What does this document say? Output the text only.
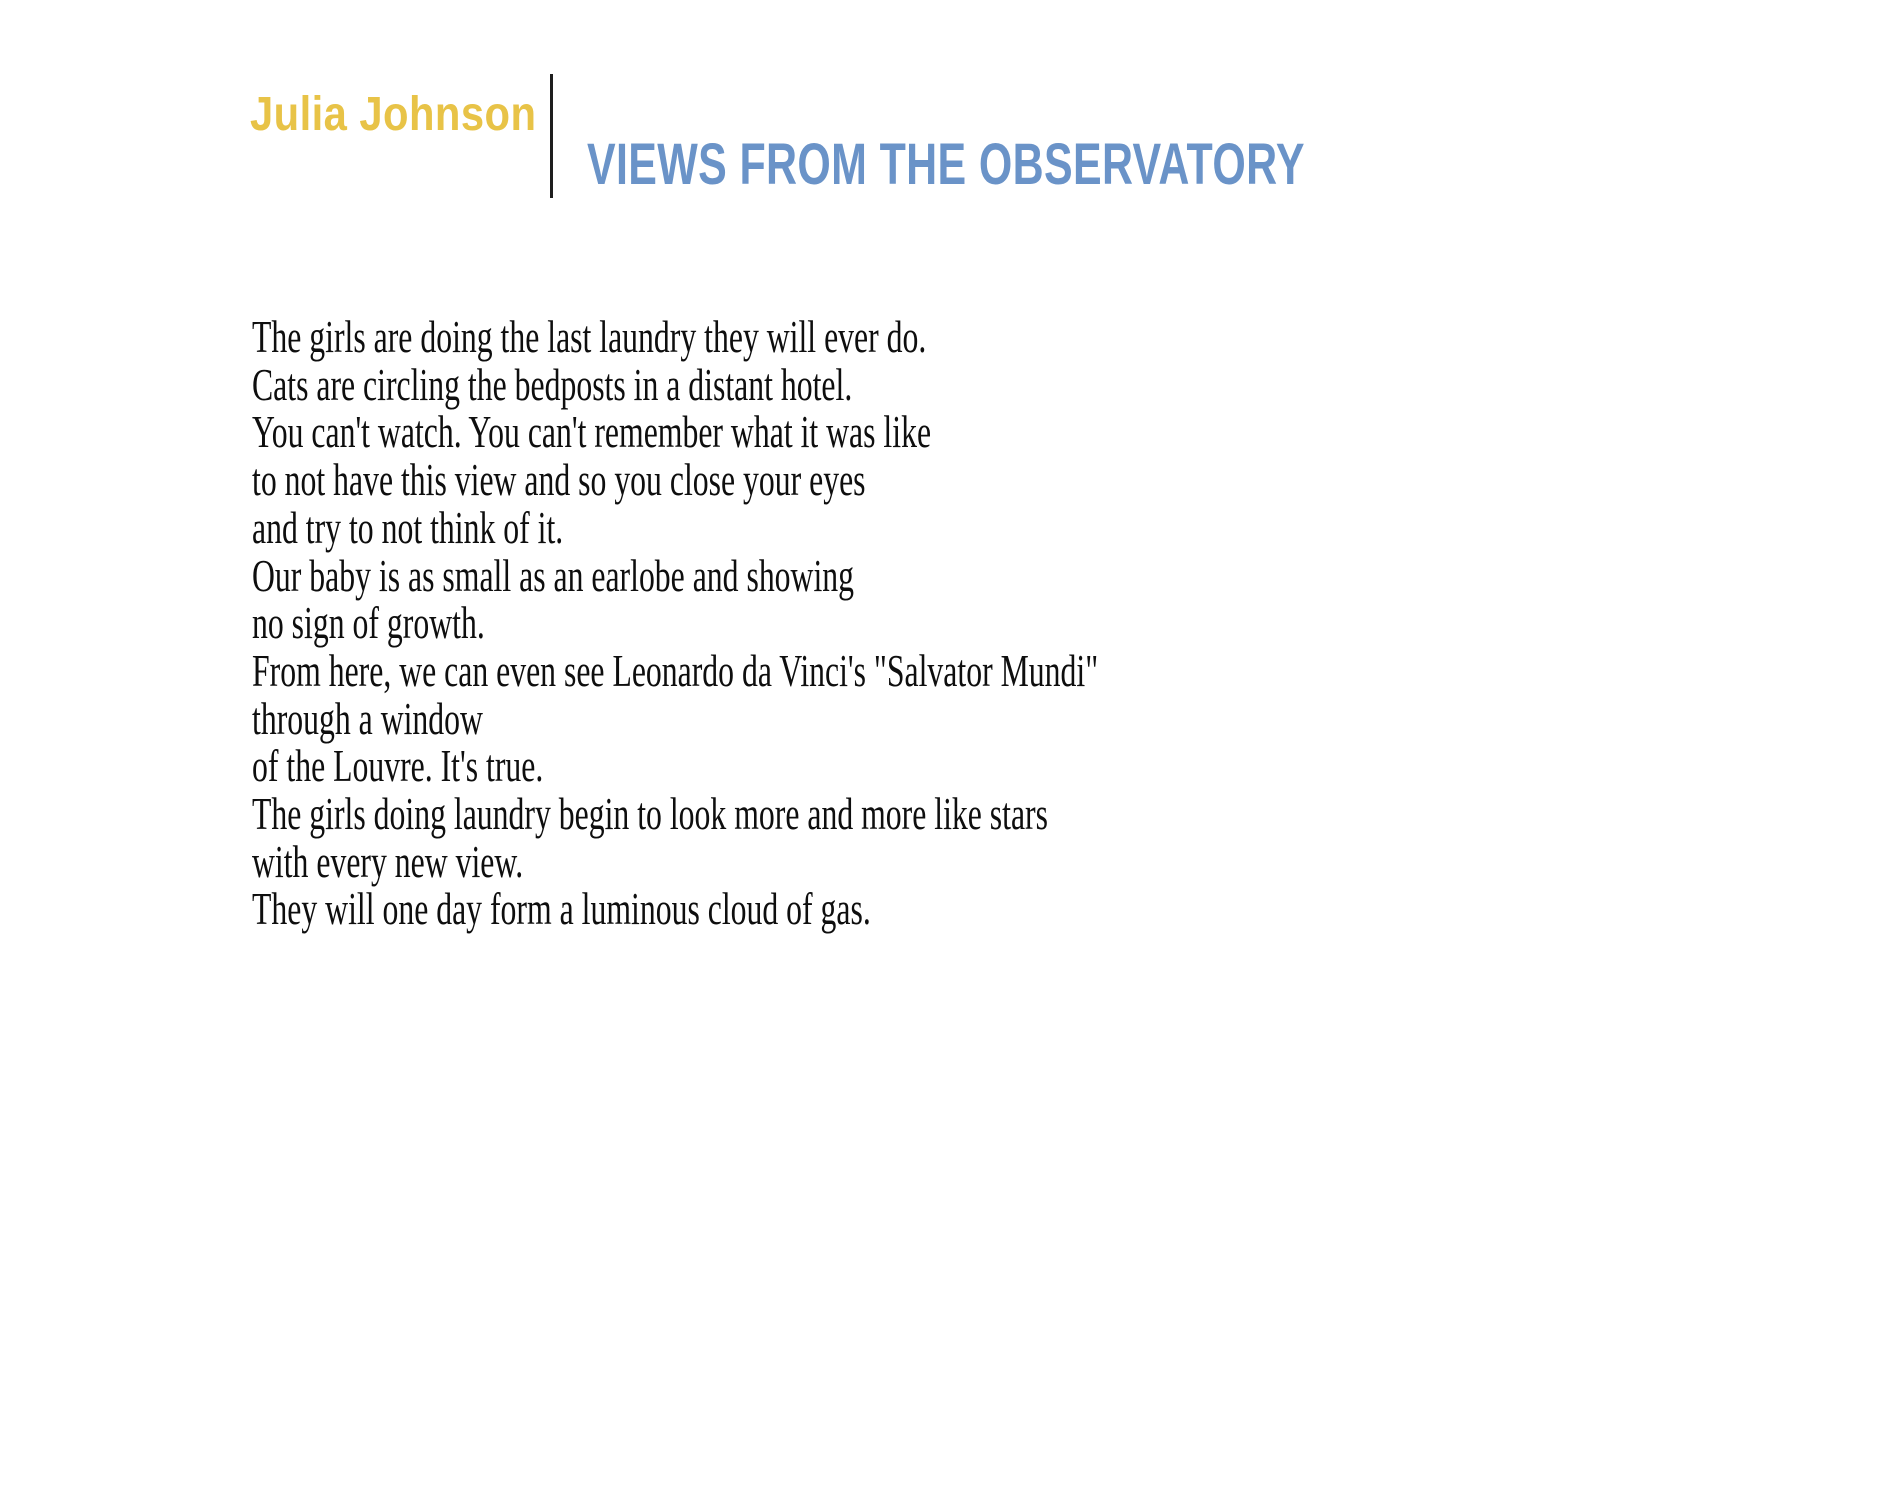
Julia Johnson
VIEWS FROM THE OBSERVATORY
The girls are doing the last laundry they will ever do.
Cats are circling the bedposts in a distant hotel.
You can't watch. You can't remember what it was like
to not have this view and so you close your eyes
and try to not think of it.
Our baby is as small as an earlobe and showing
no sign of growth.
From here, we can even see Leonardo da Vinci's "Salvator Mundi"
through a window
of the Louvre. It's true.
The girls doing laundry begin to look more and more like stars
with every new view.
They will one day form a luminous cloud of gas.
